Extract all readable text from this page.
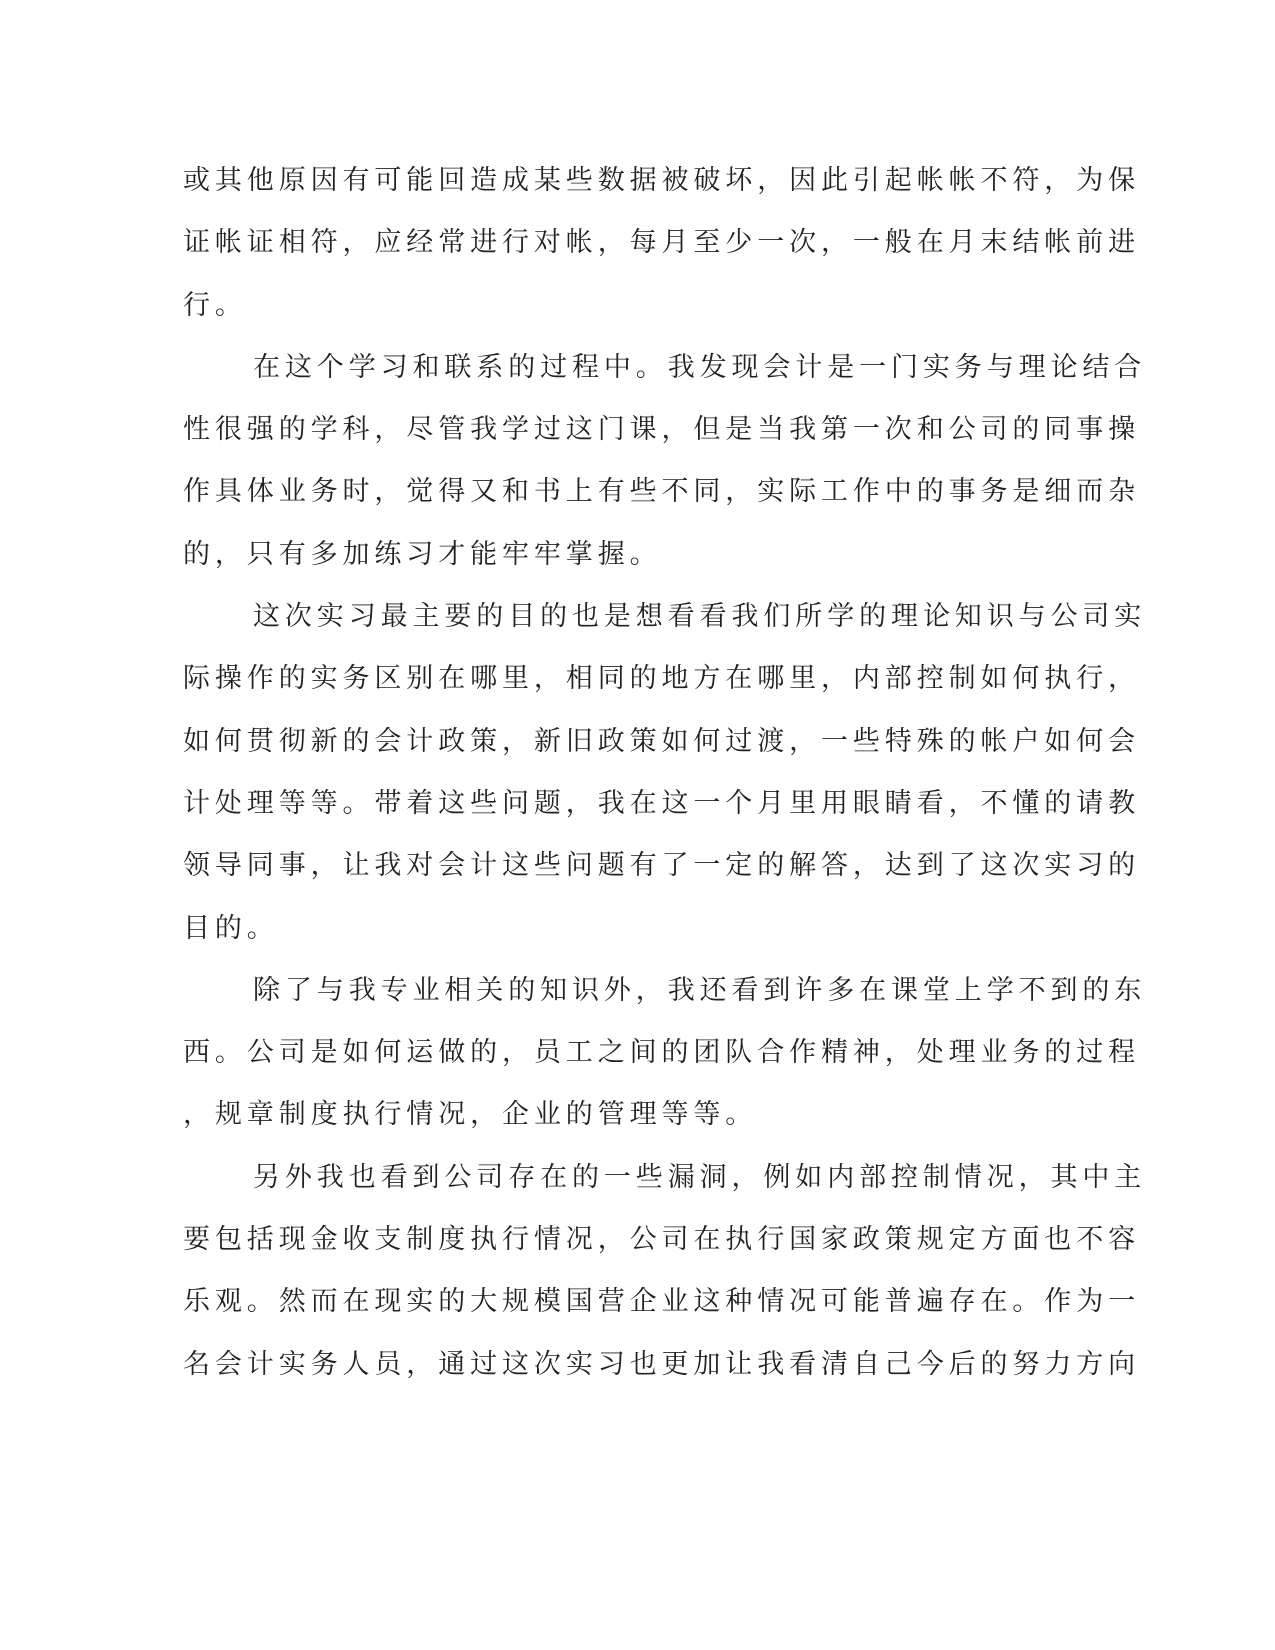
或其他原因有可能回造成某些数据被破坏，因此引起帐帐不符，为保
证帐证相符，应经常进行对帐，每月至少一次，一般在月末结帐前进
行。
在这个学习和联系的过程中。我发现会计是一门实务与理论结合
性很强的学科，尽管我学过这门课，但是当我第一次和公司的同事操
作具体业务时，觉得又和书上有些不同，实际工作中的事务是细而杂
的，只有多加练习才能牢牢掌握。
这次实习最主要的目的也是想看看我们所学的理论知识与公司实
际操作的实务区别在哪里，相同的地方在哪里，内部控制如何执行，
如何贯彻新的会计政策，新旧政策如何过渡，一些特殊的帐户如何会
计处理等等。带着这些问题，我在这一个月里用眼睛看，不懂的请教
领导同事，让我对会计这些问题有了一定的解答，达到了这次实习的
目的。
除了与我专业相关的知识外，我还看到许多在课堂上学不到的东
西。公司是如何运做的，员工之间的团队合作精神，处理业务的过程
，规章制度执行情况，企业的管理等等。
另外我也看到公司存在的一些漏洞，例如内部控制情况，其中主
要包括现金收支制度执行情况，公司在执行国家政策规定方面也不容
乐观。然而在现实的大规模国营企业这种情况可能普遍存在。作为一
名会计实务人员，通过这次实习也更加让我看清自己今后的努力方向
